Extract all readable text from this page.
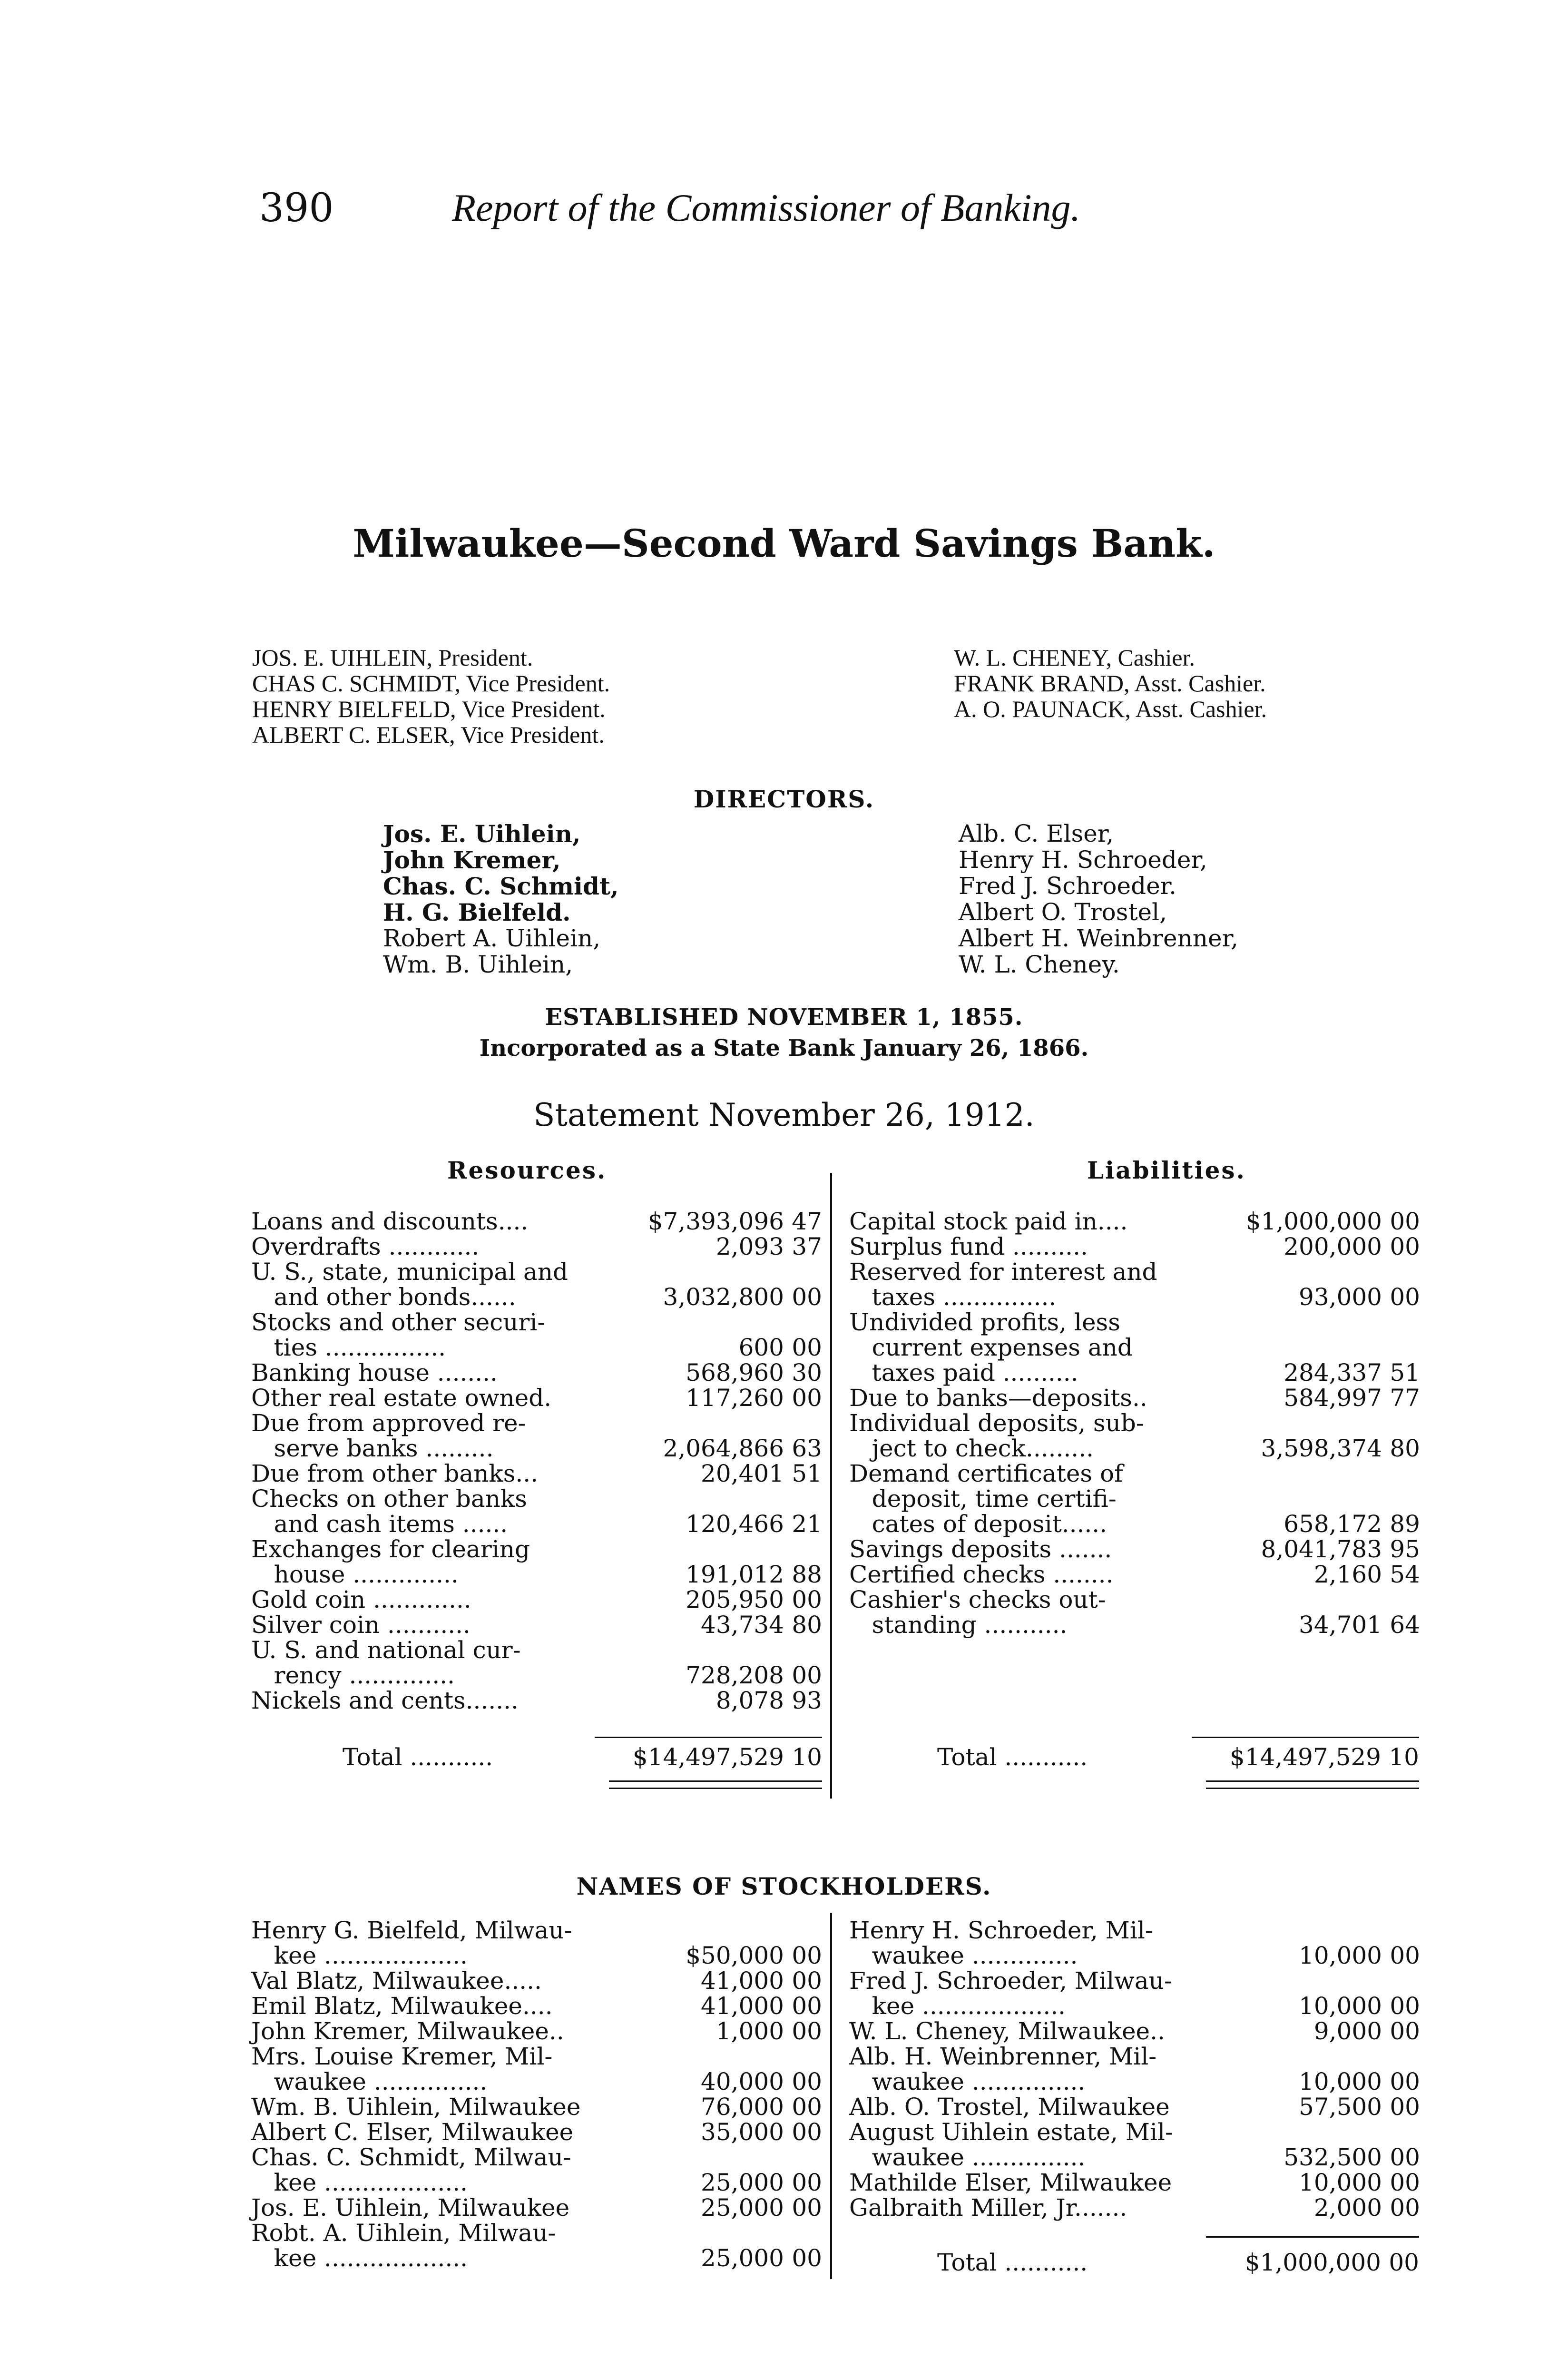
390	Report of the Commissioner of Banking.
Milwaukee—Second Ward Savings Bank.
JOS. E. UIHLEIN, President.
CHAS C. SCHMIDT, Vice President.
HENRY BIELFELD, Vice President.
ALBERT C. ELSER, Vice President.
W. L. CHENEY, Cashier.
FRANK BRAND, Asst. Cashier.
A. O. PAUNACK, Asst. Cashier.
DIRECTORS.
Jos. E. Uihlein,
John Kremer,
Chas. C. Schmidt,
H. G. Bielfeld.
Robert A. Uihlein,
Wm. B. Uihlein,
Alb. C. Elser,
Henry H. Schroeder,
Fred J. Schroeder.
Albert O. Trostel,
Albert H. Weinbrenner,
W. L. Cheney.
ESTABLISHED NOVEMBER 1, 1855.
Incorporated as a State Bank January 26, 1866.
Statement November 26, 1912.
Resources.	Liabilities.
Loans and discounts....	$7,393,096 47
Overdrafts ............	2,093 37
U. S., state, municipal and
and other bonds......	3,032,800 00
Stocks and other securi-
ties ................	600 00
Banking house ........	568,960 30
Other real estate owned.	117,260 00
Due from approved re-
serve banks .........	2,064,866 63
Due from other banks...	20,401 51
Checks on other banks
and cash items ......	120,466 21
Exchanges for clearing
house ..............	191,012 88
Gold coin .............	205,950 00
Silver coin ...........	43,734 80
U. S. and national cur-
rency ..............	728,208 00
Nickels and cents.......	8,078 93
Capital stock paid in....	$1,000,000 00
Surplus fund ..........	200,000 00
Reserved for interest and
taxes ...............	93,000 00
Undivided profits, less
current expenses and
taxes paid ..........	284,337 51
Due to banks—deposits..	584,997 77
Individual deposits, sub-
ject to check.........	3,598,374 80
Demand certificates of
deposit, time certifi-
cates of deposit......	658,172 89
Savings deposits .......	8,041,783 95
Certified checks ........	2,160 54
Cashier's checks out-
standing ...........	34,701 64
Total ...........	$14,497,529 10	Total ...........	$14,497,529 10
NAMES OF STOCKHOLDERS.
Henry G. Bielfeld, Milwau-
kee ...................	$50,000 00
Val Blatz, Milwaukee.....	41,000 00
Emil Blatz, Milwaukee....	41,000 00
John Kremer, Milwaukee..	1,000 00
Mrs. Louise Kremer, Mil-
waukee ...............	40,000 00
Wm. B. Uihlein, Milwaukee	76,000 00
Albert C. Elser, Milwaukee	35,000 00
Chas. C. Schmidt, Milwau-
kee ...................	25,000 00
Jos. E. Uihlein, Milwaukee	25,000 00
Robt. A. Uihlein, Milwau-
kee ...................	25,000 00
Henry H. Schroeder, Mil-
waukee ..............	10,000 00
Fred J. Schroeder, Milwau-
kee ...................	10,000 00
W. L. Cheney, Milwaukee..	9,000 00
Alb. H. Weinbrenner, Mil-
waukee ...............	10,000 00
Alb. O. Trostel, Milwaukee	57,500 00
August Uihlein estate, Mil-
waukee ...............	532,500 00
Mathilde Elser, Milwaukee	10,000 00
Galbraith Miller, Jr.......	2,000 00
Total ...........	$1,000,000 00
